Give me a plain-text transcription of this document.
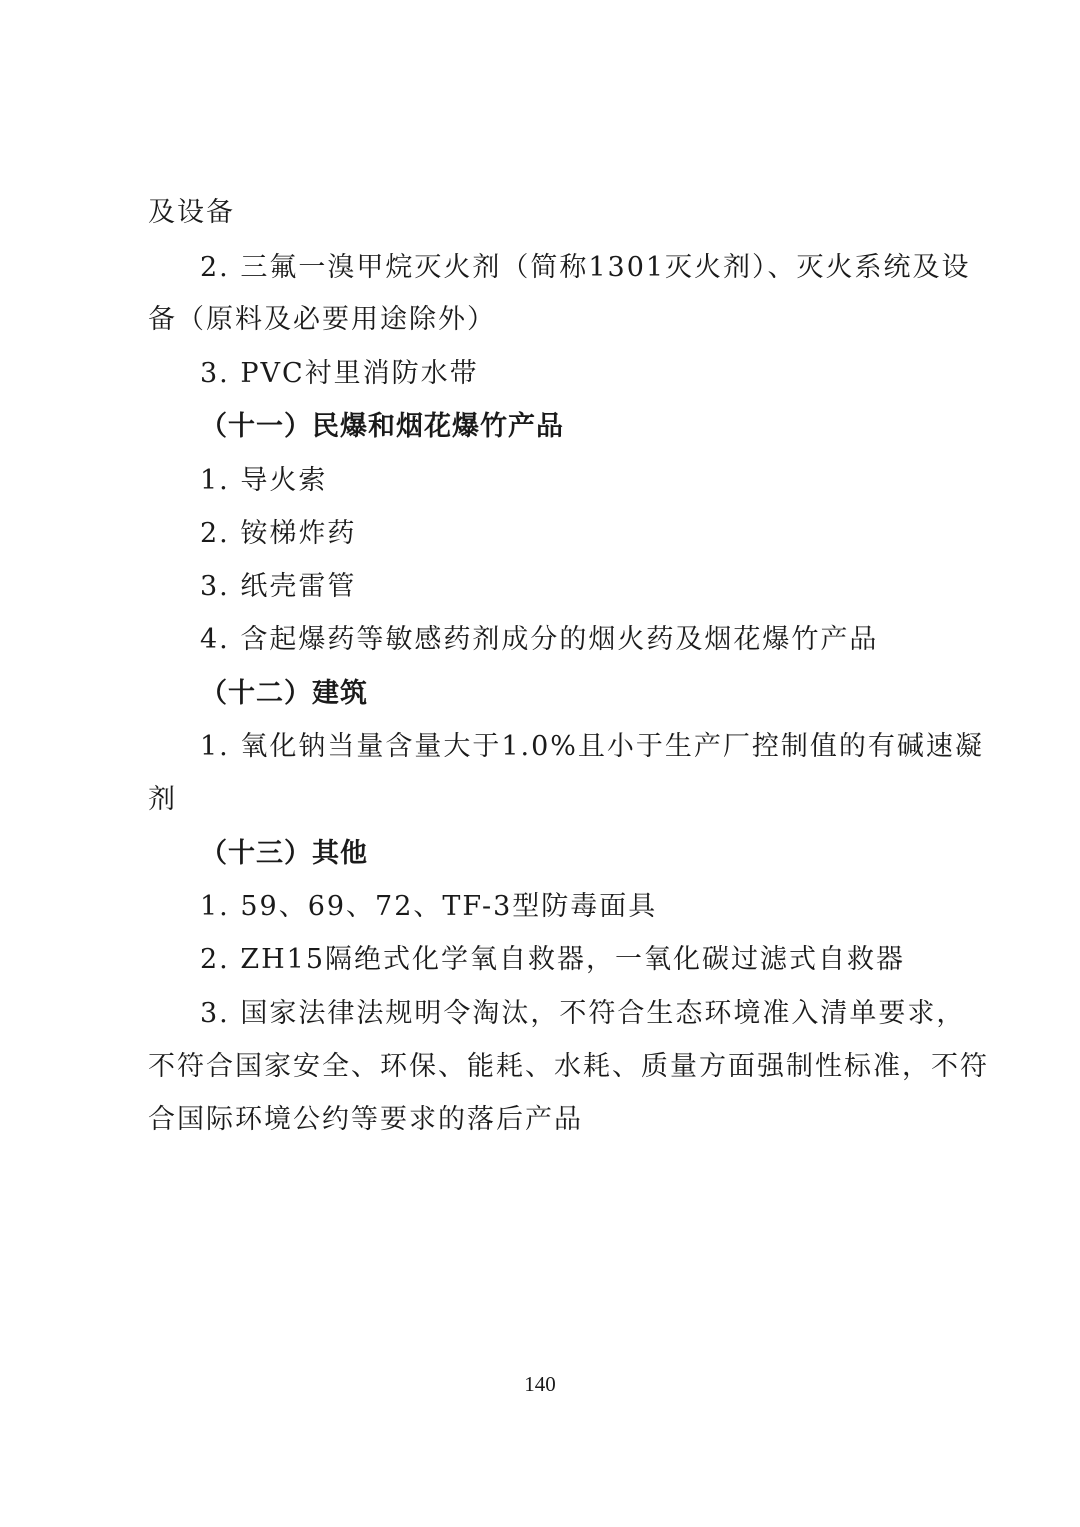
及设备
2. 三氟一溴甲烷灭火剂（简称1301灭火剂）、灭火系统及设
备（原料及必要用途除外）
3. PVC衬里消防水带
（十一）民爆和烟花爆竹产品
1. 导火索
2. 铵梯炸药
3. 纸壳雷管
4. 含起爆药等敏感药剂成分的烟火药及烟花爆竹产品
（十二）建筑
1. 氧化钠当量含量大于1.0%且小于生产厂控制值的有碱速凝
剂
（十三）其他
1. 59、69、72、TF-3型防毒面具
2. ZH15隔绝式化学氧自救器，一氧化碳过滤式自救器
3. 国家法律法规明令淘汰，不符合生态环境准入清单要求，
不符合国家安全、环保、能耗、水耗、质量方面强制性标准，不符
合国际环境公约等要求的落后产品
140
